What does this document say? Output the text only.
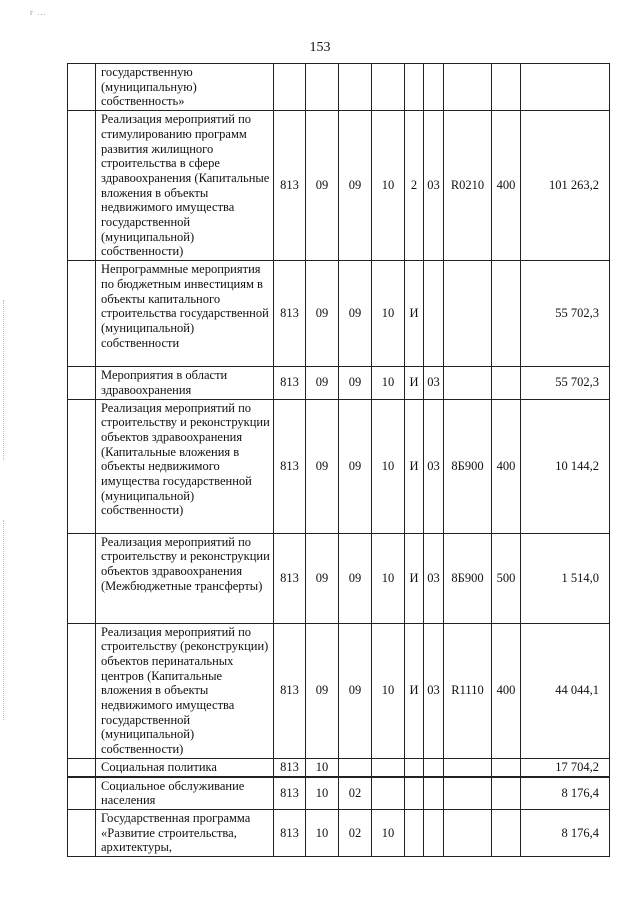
г ...
153
	государственную (муниципальную) собственность»									
	Реализация мероприятий по стимулированию программ развития жилищного строительства в сфере здравоохранения (Капитальные вложения в объекты недвижимого имущества государственной (муниципальной) собственности)	813	09	09	10	2	03	R0210	400	101 263,2
	Непрограммные мероприятия по бюджетным инвестициям в объекты капитального строительства государственной (муниципальной) собственности	813	09	09	10	И				55 702,3
	Мероприятия в области здравоохранения	813	09	09	10	И	03			55 702,3
	Реализация мероприятий по строительству и реконструкции объектов здравоохранения (Капитальные вложения в объекты недвижимого имущества государственной (муниципальной) собственности)	813	09	09	10	И	03	8Б900	400	10 144,2
	Реализация мероприятий по строительству и реконструкции объектов здравоохранения (Межбюджетные трансферты)	813	09	09	10	И	03	8Б900	500	1 514,0
	Реализация мероприятий по строительству (реконструкции) объектов перинатальных центров (Капитальные вложения в объекты недвижимого имущества государственной (муниципальной) собственности)	813	09	09	10	И	03	R1110	400	44 044,1
	Социальная политика	813	10							17 704,2
	Социальное обслуживание населения	813	10	02						8 176,4
	Государственная программа «Развитие строительства, архитектуры,	813	10	02	10					8 176,4
